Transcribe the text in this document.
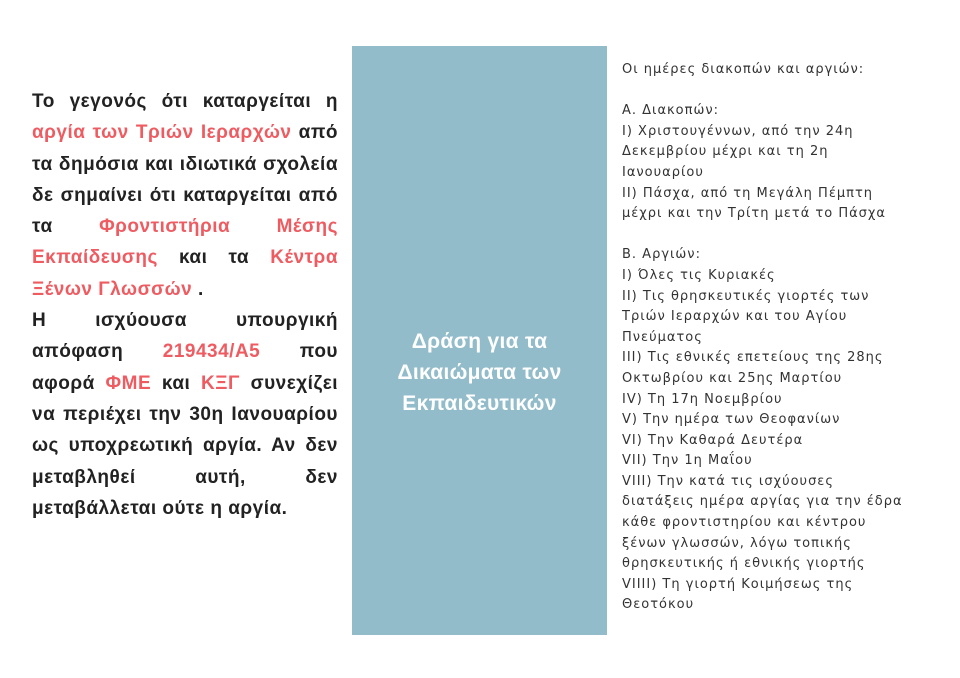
Το γεγονός ότι καταργείται η αργία των Τριών Ιεραρχών από τα δημόσια και ιδιωτικά σχολεία δε σημαίνει ότι καταργείται από τα Φροντιστήρια Μέσης Εκπαίδευσης και τα Κέντρα Ξένων Γλωσσών .

Η ισχύουσα υπουργική απόφαση 219434/Α5 που αφορά ΦΜΕ και ΚΞΓ συνεχίζει να περιέχει την 30η Ιανουαρίου ως υποχρεωτική αργία. Αν δεν μεταβληθεί αυτή, δεν μεταβάλλεται ούτε η αργία.

Δράση για τα
Δικαιώματα των
Εκπαιδευτικών
Οι ημέρες διακοπών και αργιών:
Α. Διακοπών:
Ι) Χριστουγέννων, από την 24η
Δεκεμβρίου μέχρι και τη 2η
Ιανουαρίου
ΙΙ) Πάσχα, από τη Μεγάλη Πέμπτη
μέχρι και την Τρίτη μετά το Πάσχα
Β. Αργιών:
Ι) Όλες τις Κυριακές
ΙΙ) Τις θρησκευτικές γιορτές των
Τριών Ιεραρχών και του Αγίου
Πνεύματος
ΙΙΙ) Τις εθνικές επετείους της 28ης
Οκτωβρίου και 25ης Μαρτίου
IV) Τη 17η Νοεμβρίου
V) Την ημέρα των Θεοφανίων
VI) Την Καθαρά Δευτέρα
VII) Την 1η Μαΐου
VIII) Την κατά τις ισχύουσες
διατάξεις ημέρα αργίας για την έδρα
κάθε φροντιστηρίου και κέντρου
ξένων γλωσσών, λόγω τοπικής
θρησκευτικής ή εθνικής γιορτής
VIIII) Τη γιορτή Κοιμήσεως της
Θεοτόκου
